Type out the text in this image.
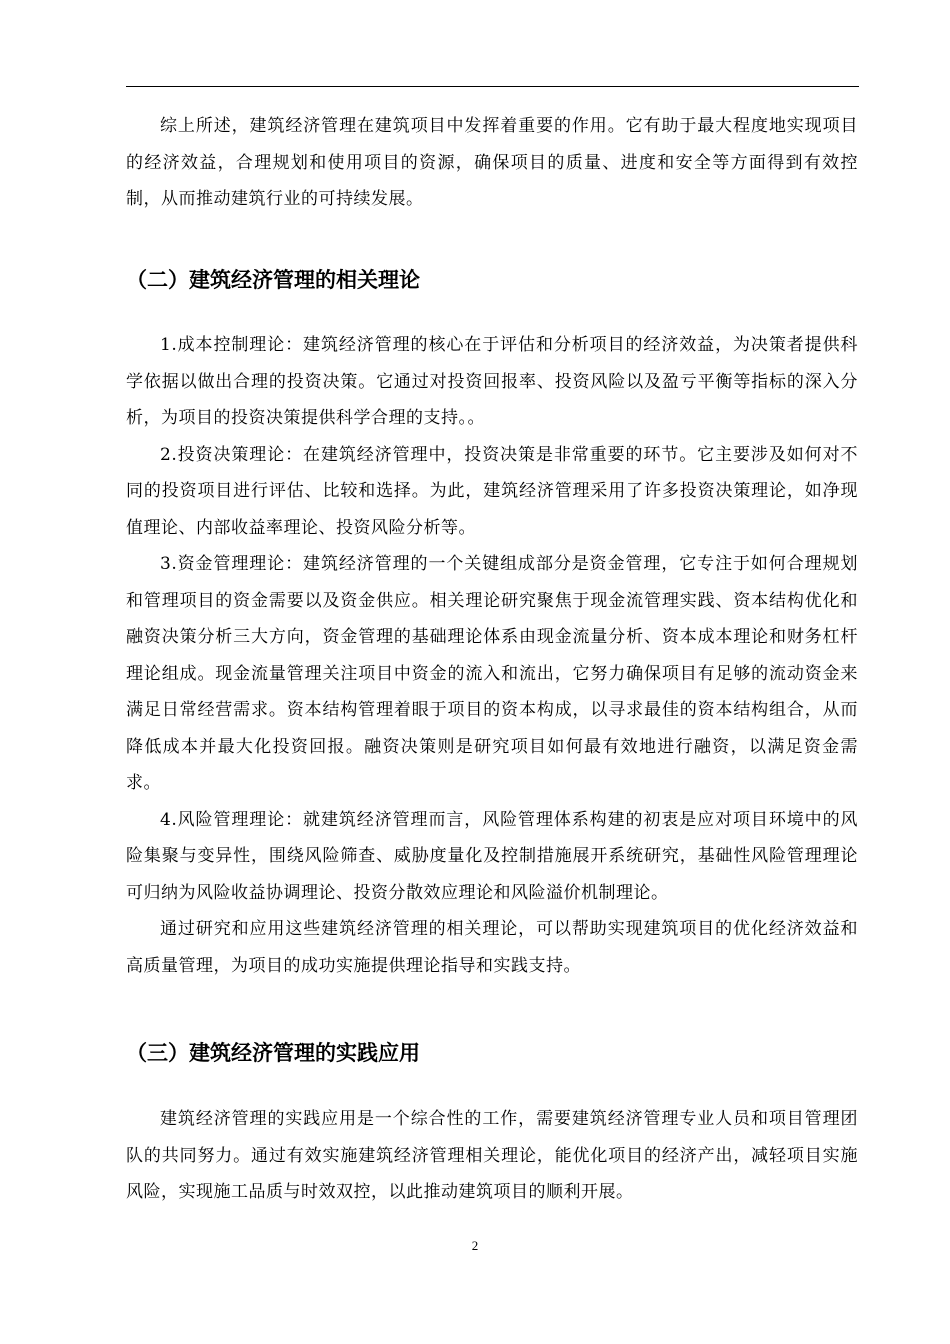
综上所述，建筑经济管理在建筑项目中发挥着重要的作用。它有助于最大程度地实现项目的经济效益，合理规划和使用项目的资源，确保项目的质量、进度和安全等方面得到有效控制，从而推动建筑行业的可持续发展。

（二）建筑经济管理的相关理论

1.成本控制理论：建筑经济管理的核心在于评估和分析项目的经济效益，为决策者提供科学依据以做出合理的投资决策。它通过对投资回报率、投资风险以及盈亏平衡等指标的深入分析，为项目的投资决策提供科学合理的支持。。

2.投资决策理论：在建筑经济管理中，投资决策是非常重要的环节。它主要涉及如何对不同的投资项目进行评估、比较和选择。为此，建筑经济管理采用了许多投资决策理论，如净现值理论、内部收益率理论、投资风险分析等。

3.资金管理理论：建筑经济管理的一个关键组成部分是资金管理，它专注于如何合理规划和管理项目的资金需要以及资金供应。相关理论研究聚焦于现金流管理实践、资本结构优化和融资决策分析三大方向，资金管理的基础理论体系由现金流量分析、资本成本理论和财务杠杆理论组成。现金流量管理关注项目中资金的流入和流出，它努力确保项目有足够的流动资金来满足日常经营需求。资本结构管理着眼于项目的资本构成，以寻求最佳的资本结构组合，从而降低成本并最大化投资回报。融资决策则是研究项目如何最有效地进行融资，以满足资金需求。

4.风险管理理论：就建筑经济管理而言，风险管理体系构建的初衷是应对项目环境中的风险集聚与变异性，围绕风险筛查、威胁度量化及控制措施展开系统研究，基础性风险管理理论可归纳为风险收益协调理论、投资分散效应理论和风险溢价机制理论。

通过研究和应用这些建筑经济管理的相关理论，可以帮助实现建筑项目的优化经济效益和高质量管理，为项目的成功实施提供理论指导和实践支持。

（三）建筑经济管理的实践应用

建筑经济管理的实践应用是一个综合性的工作，需要建筑经济管理专业人员和项目管理团队的共同努力。通过有效实施建筑经济管理相关理论，能优化项目的经济产出，减轻项目实施风险，实现施工品质与时效双控，以此推动建筑项目的顺利开展。

2
